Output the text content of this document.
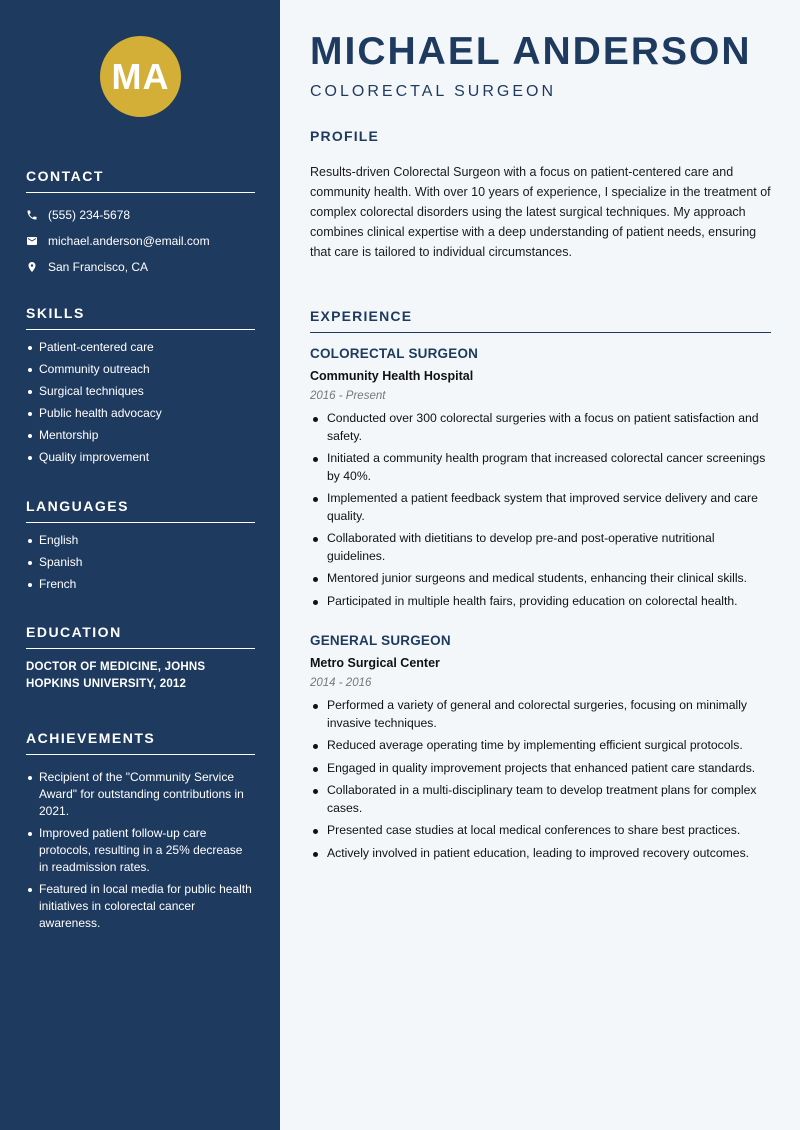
MA
CONTACT
(555) 234-5678
michael.anderson@email.com
San Francisco, CA
SKILLS
Patient-centered care
Community outreach
Surgical techniques
Public health advocacy
Mentorship
Quality improvement
LANGUAGES
English
Spanish
French
EDUCATION
DOCTOR OF MEDICINE, JOHNS HOPKINS UNIVERSITY, 2012
ACHIEVEMENTS
Recipient of the "Community Service Award" for outstanding contributions in 2021.
Improved patient follow-up care protocols, resulting in a 25% decrease in readmission rates.
Featured in local media for public health initiatives in colorectal cancer awareness.
MICHAEL ANDERSON
COLORECTAL SURGEON
PROFILE
Results-driven Colorectal Surgeon with a focus on patient-centered care and community health. With over 10 years of experience, I specialize in the treatment of complex colorectal disorders using the latest surgical techniques. My approach combines clinical expertise with a deep understanding of patient needs, ensuring that care is tailored to individual circumstances.
EXPERIENCE
COLORECTAL SURGEON
Community Health Hospital
2016 - Present
Conducted over 300 colorectal surgeries with a focus on patient satisfaction and safety.
Initiated a community health program that increased colorectal cancer screenings by 40%.
Implemented a patient feedback system that improved service delivery and care quality.
Collaborated with dietitians to develop pre-and post-operative nutritional guidelines.
Mentored junior surgeons and medical students, enhancing their clinical skills.
Participated in multiple health fairs, providing education on colorectal health.
GENERAL SURGEON
Metro Surgical Center
2014 - 2016
Performed a variety of general and colorectal surgeries, focusing on minimally invasive techniques.
Reduced average operating time by implementing efficient surgical protocols.
Engaged in quality improvement projects that enhanced patient care standards.
Collaborated in a multi-disciplinary team to develop treatment plans for complex cases.
Presented case studies at local medical conferences to share best practices.
Actively involved in patient education, leading to improved recovery outcomes.
